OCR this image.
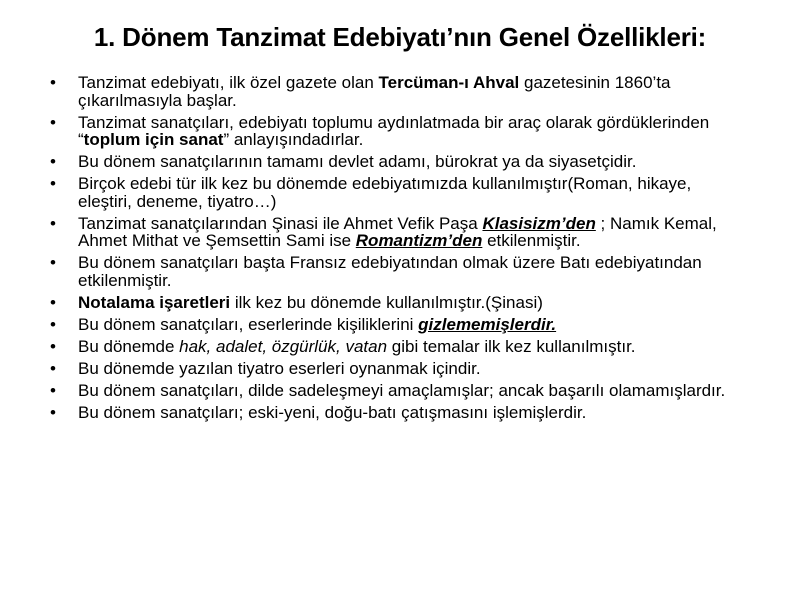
1. Dönem Tanzimat Edebiyatı’nın Genel Özellikleri:
• Tanzimat edebiyatı, ilk özel gazete olan Tercüman-ı Ahval gazetesinin 1860’ta çıkarılmasıyla başlar.
• Tanzimat sanatçıları, edebiyatı toplumu aydınlatmada bir araç olarak gördüklerinden “toplum için sanat” anlayışındadırlar.
• Bu dönem sanatçılarının tamamı devlet adamı, bürokrat ya da siyasetçidir.
• Birçok edebi tür ilk kez bu dönemde edebiyatımızda kullanılmıştır(Roman, hikaye, eleştiri, deneme, tiyatro…)
• Tanzimat sanatçılarından Şinasi ile Ahmet Vefik Paşa Klasisizm’den ; Namık Kemal, Ahmet Mithat ve Şemsettin Sami ise Romantizm’den etkilenmiştir.
• Bu dönem sanatçıları başta Fransız edebiyatından olmak üzere Batı edebiyatından etkilenmiştir.
• Notalama işaretleri ilk kez bu dönemde kullanılmıştır.(Şinasi)
• Bu dönem sanatçıları, eserlerinde kişiliklerini gizlememişlerdir.
• Bu dönemde hak, adalet, özgürlük, vatan gibi temalar ilk kez kullanılmıştır.
• Bu dönemde yazılan tiyatro eserleri oynanmak içindir.
• Bu dönem sanatçıları, dilde sadeleşmeyi amaçlamışlar; ancak başarılı olamamışlardır.
• Bu dönem sanatçıları; eski-yeni, doğu-batı çatışmasını işlemişlerdir.
